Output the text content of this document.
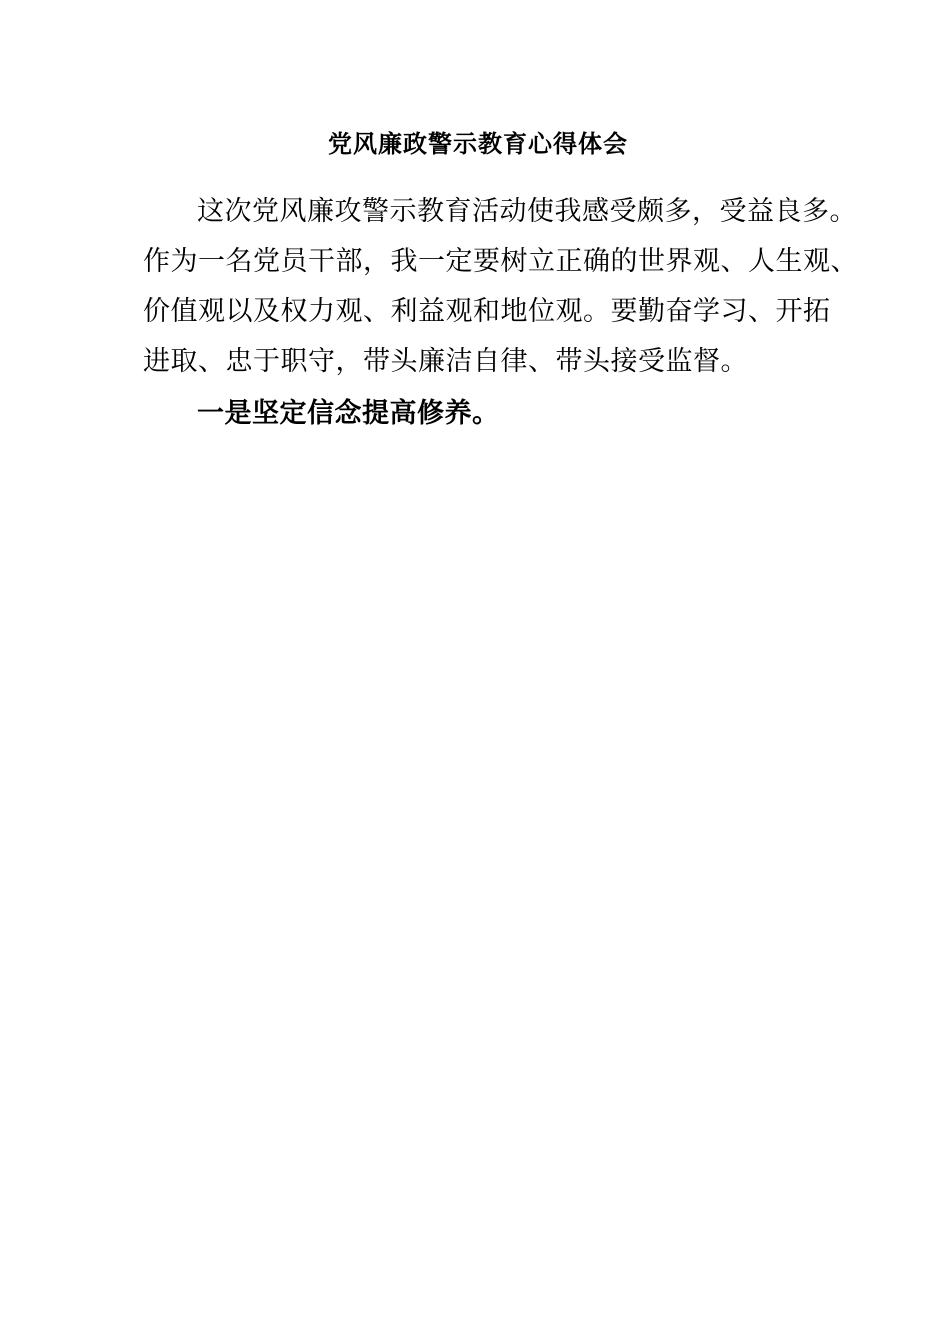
党风廉政警示教育心得体会
这次党风廉攻警示教育活动使我感受颇多，受益良多。
作为一名党员干部，我一定要树立正确的世界观、人生观、
价值观以及权力观、利益观和地位观。要勤奋学习、开拓
进取、忠于职守，带头廉洁自律、带头接受监督。

一是坚定信念提高修养。
